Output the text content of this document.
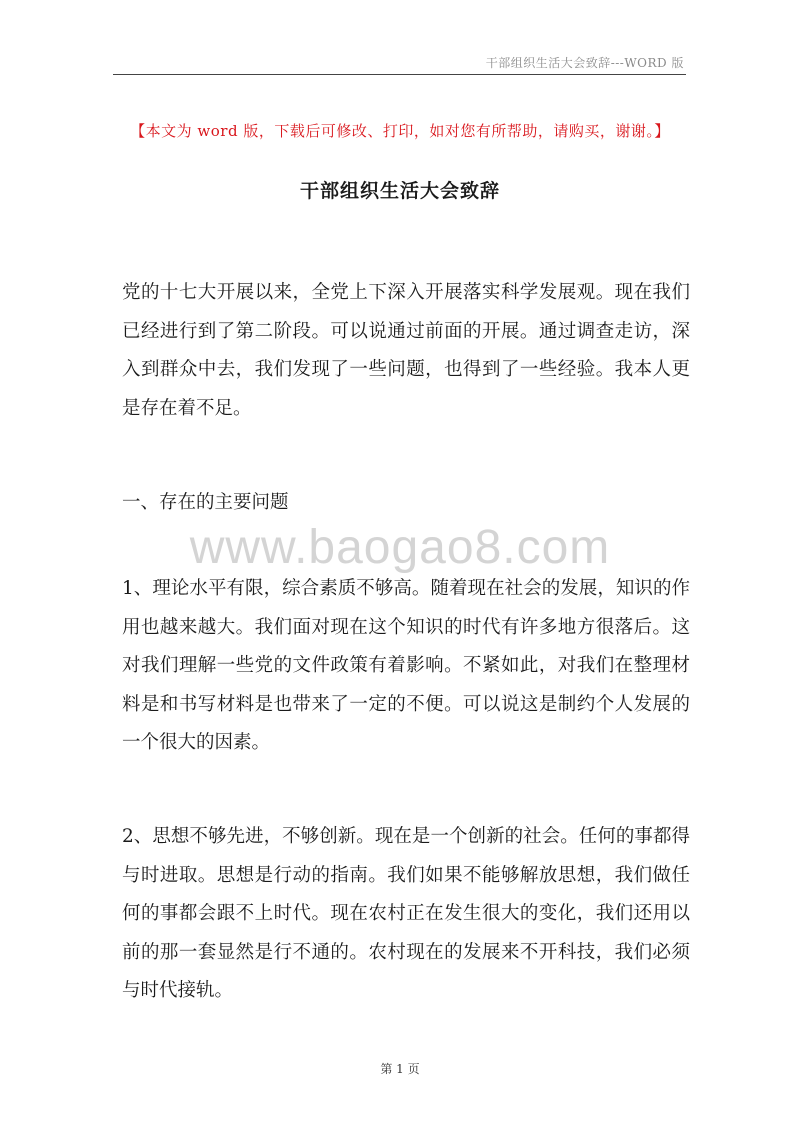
干部组织生活大会致辞---WORD 版
【本文为 word 版，下载后可修改、打印，如对您有所帮助，请购买，谢谢。】
干部组织生活大会致辞
党的十七大开展以来，全党上下深入开展落实科学发展观。现在我们已经进行到了第二阶段。可以说通过前面的开展。通过调查走访，深入到群众中去，我们发现了一些问题，也得到了一些经验。我本人更是存在着不足。
一、存在的主要问题
www.baogao8.com
1、理论水平有限，综合素质不够高。随着现在社会的发展，知识的作用也越来越大。我们面对现在这个知识的时代有许多地方很落后。这对我们理解一些党的文件政策有着影响。不紧如此，对我们在整理材料是和书写材料是也带来了一定的不便。可以说这是制约个人发展的一个很大的因素。
2、思想不够先进，不够创新。现在是一个创新的社会。任何的事都得与时进取。思想是行动的指南。我们如果不能够解放思想，我们做任何的事都会跟不上时代。现在农村正在发生很大的变化，我们还用以前的那一套显然是行不通的。农村现在的发展来不开科技，我们必须与时代接轨。
第 1 页
